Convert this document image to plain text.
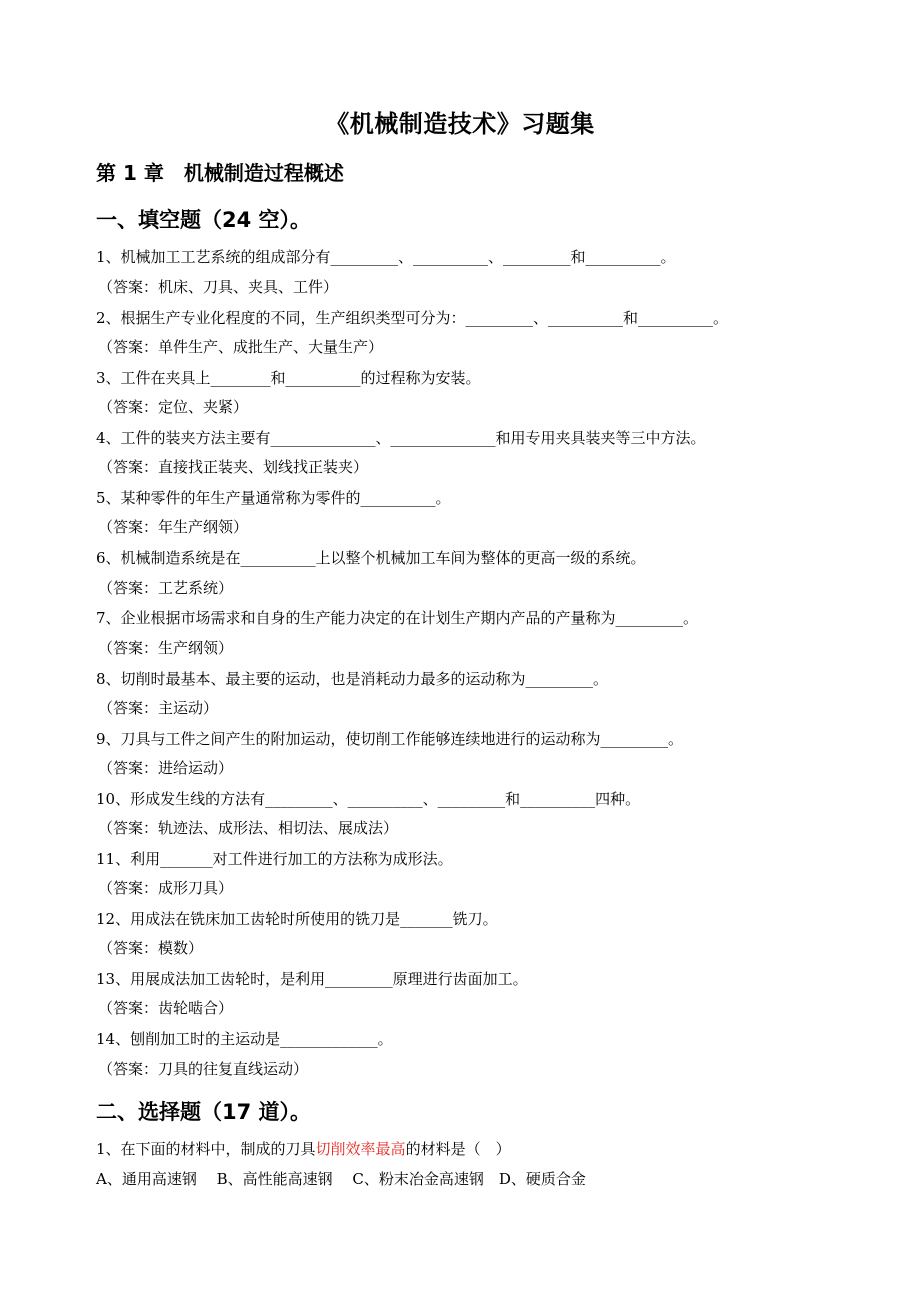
《机械制造技术》习题集
第 1 章　机械制造过程概述
一、填空题（24 空）。
1、机械加工工艺系统的组成部分有_________、__________、_________和__________。
（答案：机床、刀具、夹具、工件）
2、根据生产专业化程度的不同，生产组织类型可分为：_________、__________和__________。
（答案：单件生产、成批生产、大量生产）
3、工件在夹具上________和__________的过程称为安装。
（答案：定位、夹紧）
4、工件的装夹方法主要有______________、______________和用专用夹具装夹等三中方法。
（答案：直接找正装夹、划线找正装夹）
5、某种零件的年生产量通常称为零件的__________。
（答案：年生产纲领）
6、机械制造系统是在__________上以整个机械加工车间为整体的更高一级的系统。
（答案：工艺系统）
7、企业根据市场需求和自身的生产能力决定的在计划生产期内产品的产量称为_________。
（答案：生产纲领）
8、切削时最基本、最主要的运动，也是消耗动力最多的运动称为_________。
（答案：主运动）
9、刀具与工件之间产生的附加运动，使切削工作能够连续地进行的运动称为_________。
（答案：进给运动）
10、形成发生线的方法有_________、__________、_________和__________四种。
（答案：轨迹法、成形法、相切法、展成法）
11、利用_______对工件进行加工的方法称为成形法。
（答案：成形刀具）
12、用成法在铣床加工齿轮时所使用的铣刀是_______铣刀。
（答案：模数）
13、用展成法加工齿轮时，是利用_________原理进行齿面加工。
（答案：齿轮啮合）
14、刨削加工时的主运动是_____________。
（答案：刀具的往复直线运动）
二、选择题（17 道）。
1、在下面的材料中，制成的刀具切削效率最高的材料是（　）
A、通用高速钢　 B、高性能高速钢　 C、粉末冶金高速钢　D、硬质合金
